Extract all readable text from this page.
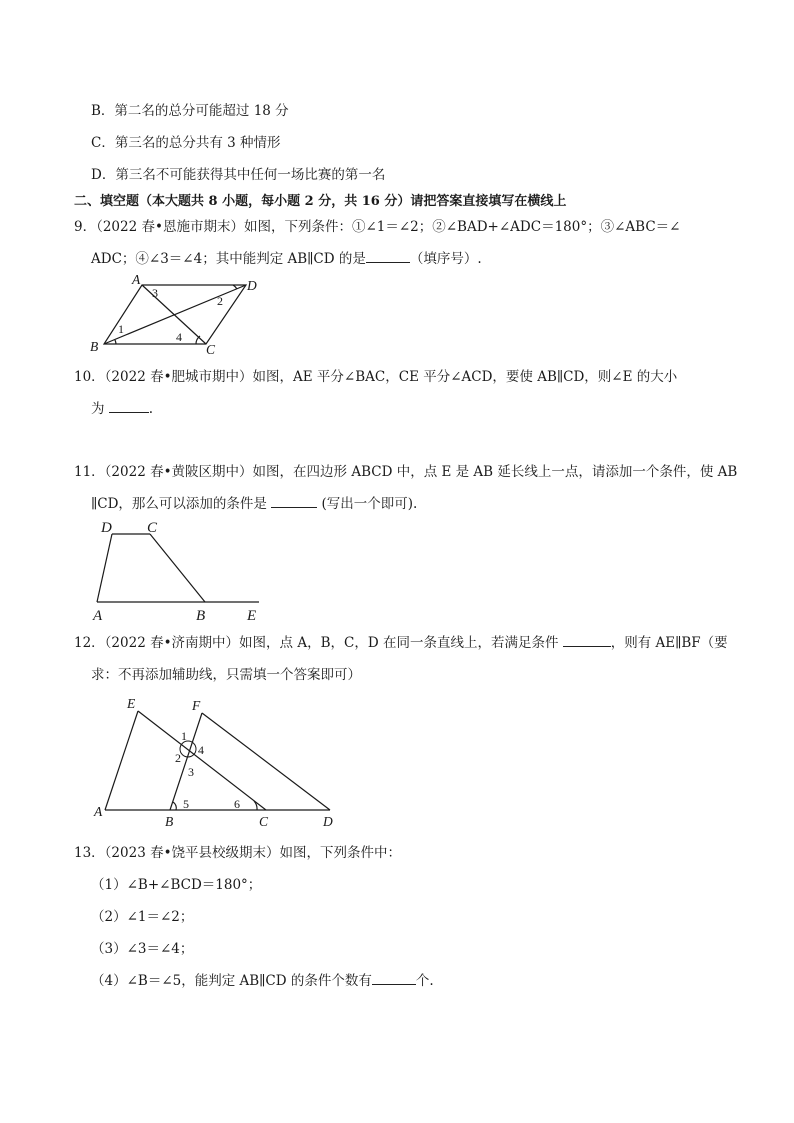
B．第二名的总分可能超过 18 分
C．第三名的总分共有 3 种情形
D．第三名不可能获得其中任何一场比赛的第一名
二、填空题（本大题共 8 小题，每小题 2 分，共 16 分）请把答案直接填写在横线上
9．（2022 春•恩施市期末）如图，下列条件：①∠1＝∠2；②∠BAD+∠ADC＝180°；③∠ABC＝∠
ADC；④∠3＝∠4；其中能判定 AB∥CD 的是	（填序号）.
A	D
B	C
3
2
1
4
10．（2022 春•肥城市期中）如图，AE 平分∠BAC，CE 平分∠ACD，要使 AB∥CD，则∠E 的大小
为	.
11．（2022 春•黄陂区期中）如图，在四边形 ABCD 中，点 E 是 AB 延长线上一点，请添加一个条件，使 AB
∥CD，那么可以添加的条件是	(写出一个即可).
D C
A	B	E
12．（2022 春•济南期中）如图，点 A，B，C，D 在同一条直线上，若满足条件	，则有 AE∥BF（要
求：不再添加辅助线，只需填一个答案即可）
E	F
A
B	C	D
1
2
4
3
5	6
13．（2023 春•饶平县校级期末）如图，下列条件中：
（1）∠B+∠BCD＝180°；
（2）∠1＝∠2；
（3）∠3＝∠4；
（4）∠B＝∠5，能判定 AB∥CD 的条件个数有	个.
